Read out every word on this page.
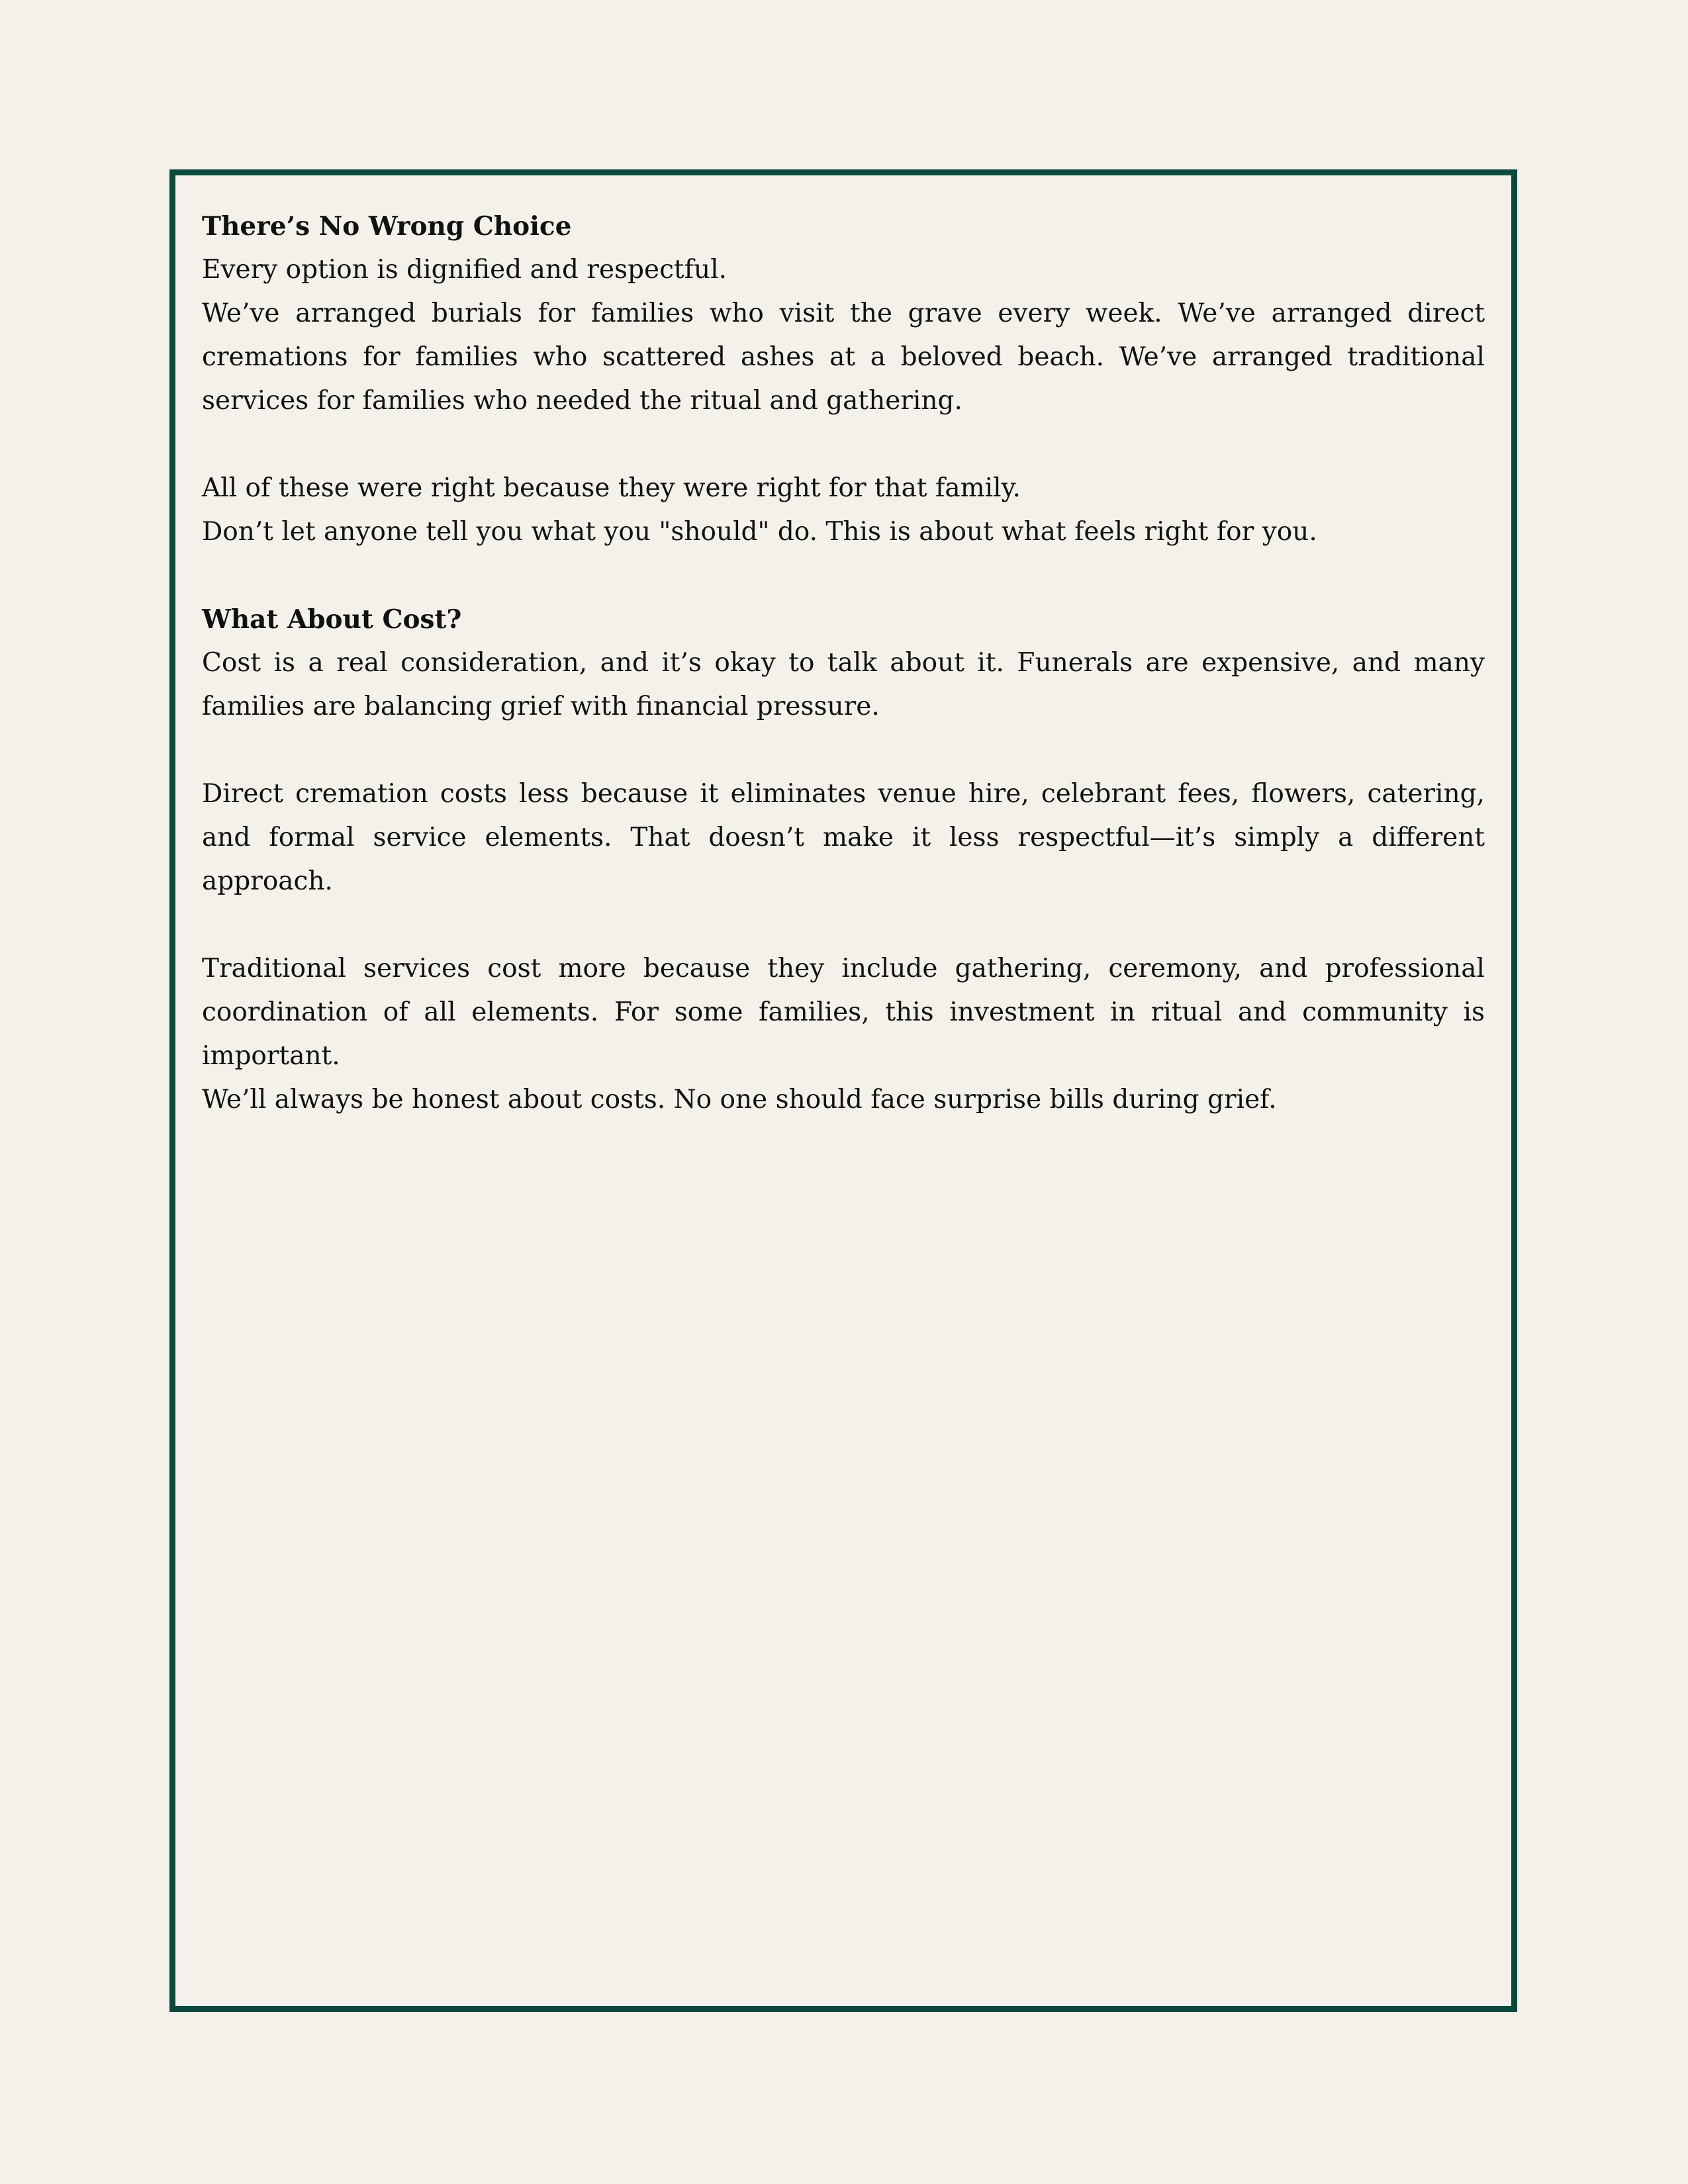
There’s No Wrong Choice

Every option is dignified and respectful.

We’ve arranged burials for families who visit the grave every week. We’ve arranged direct cremations for families who scattered ashes at a beloved beach. We’ve arranged traditional services for families who needed the ritual and gathering.

All of these were right because they were right for that family.

Don’t let anyone tell you what you "should" do. This is about what feels right for you.

What About Cost?

Cost is a real consideration, and it’s okay to talk about it. Funerals are expensive, and many families are balancing grief with financial pressure.

Direct cremation costs less because it eliminates venue hire, celebrant fees, flowers, catering, and formal service elements. That doesn’t make it less respectful—it’s simply a different approach.

Traditional services cost more because they include gathering, ceremony, and professional coordination of all elements. For some families, this investment in ritual and community is important.

We’ll always be honest about costs. No one should face surprise bills during grief.
